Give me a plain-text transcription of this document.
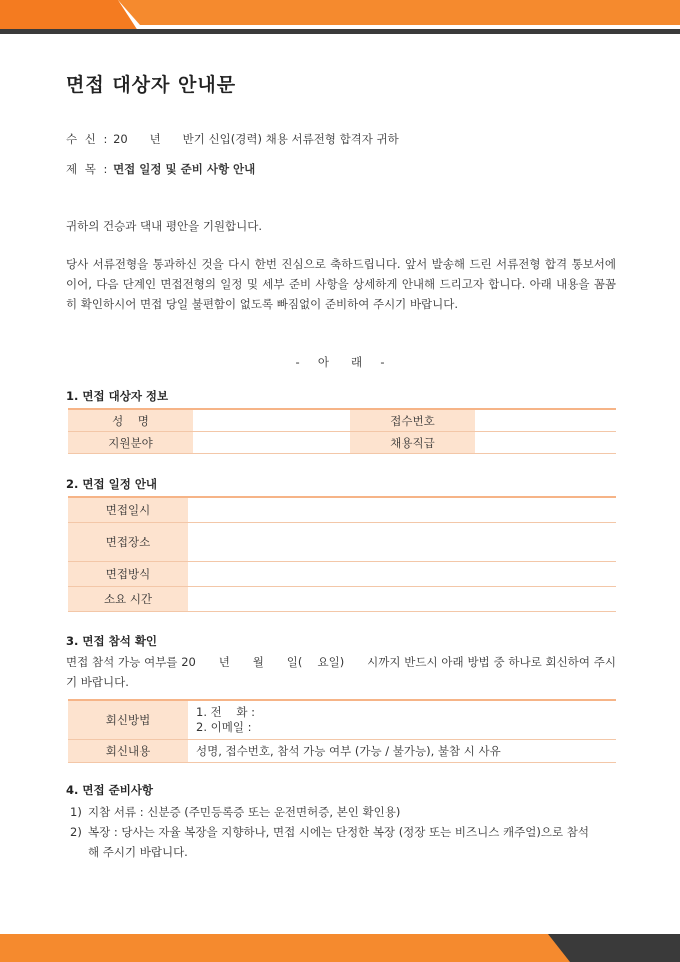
면접 대상자 안내문
수 신 : 20      년      반기 신입(경력) 채용 서류전형 합격자 귀하
제 목 : 면접 일정 및 준비 사항 안내
귀하의 건승과 댁내 평안을 기원합니다.
당사 서류전형을 통과하신 것을 다시 한번 진심으로 축하드립니다. 앞서 발송해 드린 서류전형 합격 통보서에 이어, 다음 단계인 면접전형의 일정 및 세부 준비 사항을 상세하게 안내해 드리고자 합니다. 아래 내용을 꼼꼼히 확인하시어 면접 당일 불편함이 없도록 빠짐없이 준비하여 주시기 바랍니다.
-     아      래     -
1. 면접 대상자 정보
성    명		접수번호	
지원분야		채용직급	
2. 면접 일정 안내
면접일시	
면접장소	
면접방식	
소요 시간	
3. 면접 참석 확인
면접 참석 가능 여부를 20      년      월      일(    요일)      시까지 반드시 아래 방법 중 하나로 회신하여 주시기 바랍니다.
회신방법	1. 전    화 :
2. 이메일 :

회신내용	성명, 접수번호, 참석 가능 여부 (가능 / 불가능), 불참 시 사유
4. 면접 준비사항
1) 지참 서류 : 신분증 (주민등록증 또는 운전면허증, 본인 확인용)
2) 복장 : 당사는 자율 복장을 지향하나, 면접 시에는 단정한 복장 (정장 또는 비즈니스 캐주얼)으로 참석
해 주시기 바랍니다.
